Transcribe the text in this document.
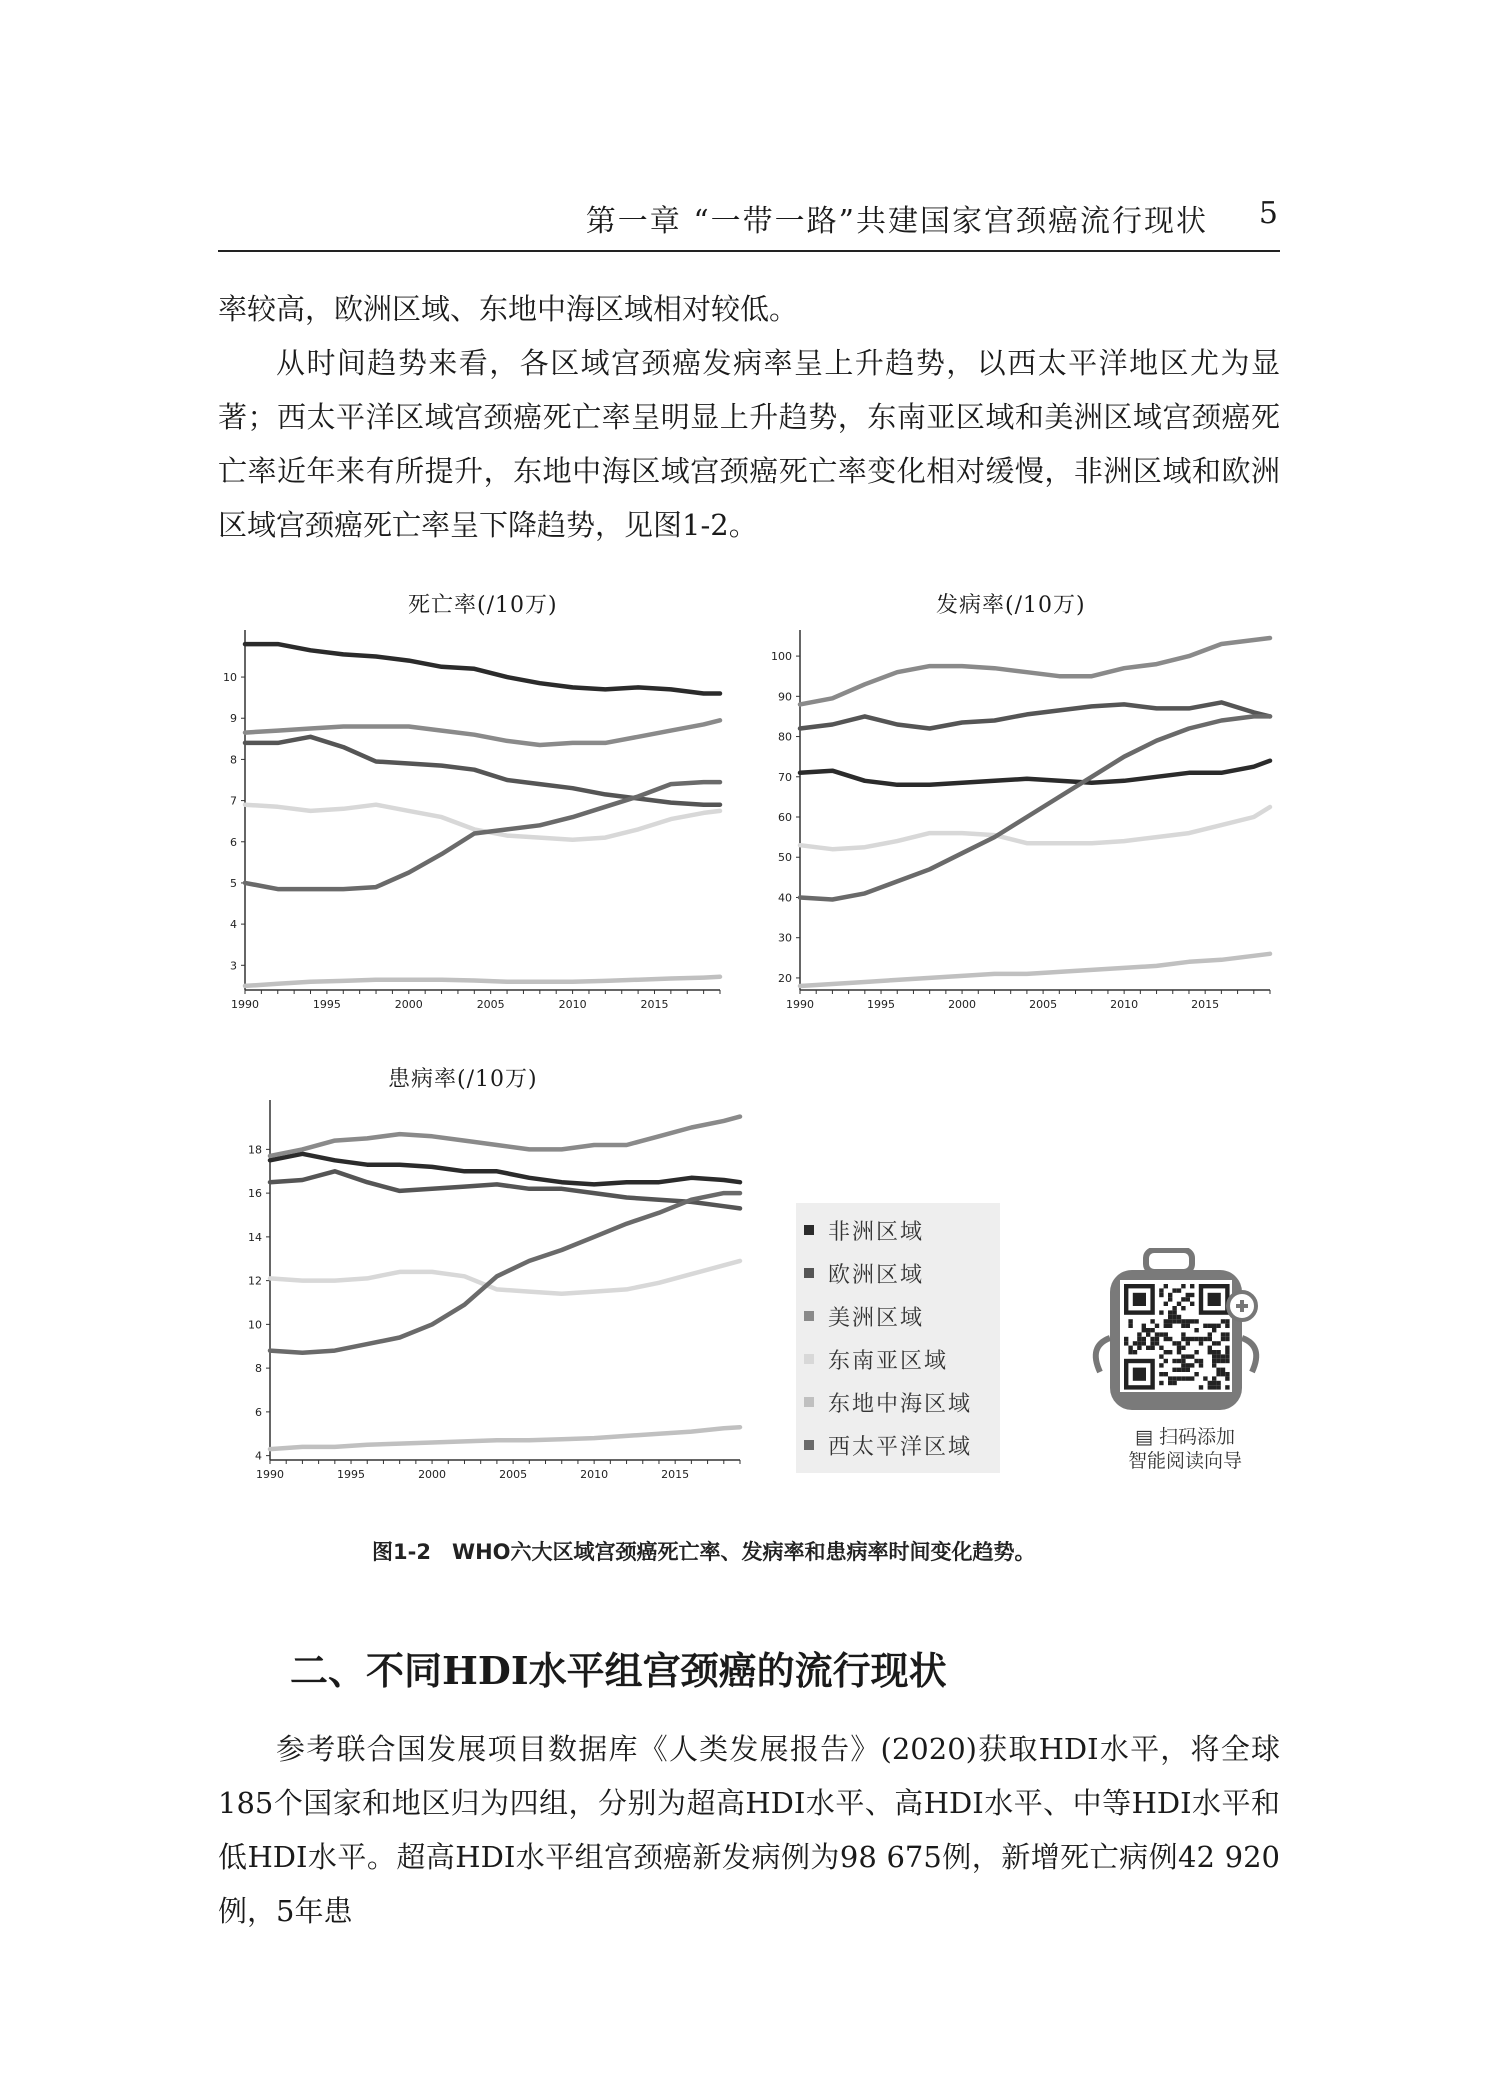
第一章 “一带一路”共建国家宫颈癌流行现状 5

率较高，欧洲区域、东地中海区域相对较低。

从时间趋势来看，各区域宫颈癌发病率呈上升趋势，以西太平洋地区尤为显著；西太平洋区域宫颈癌死亡率呈明显上升趋势，东南亚区域和美洲区域宫颈癌死亡率近年来有所提升，东地中海区域宫颈癌死亡率变化相对缓慢，非洲区域和欧洲区域宫颈癌死亡率呈下降趋势，见图1-2。

死亡率(/10万)
3
4
5
6
7
8
9
10
1990	1995	2000	2005	2010	2015
发病率(/10万)
20
30
40
50
60
70
80
90
100
1990	1995	2000	2005	2010	2015
患病率(/10万)
4
6
8
10
12
14
16
18
1990	1995	2000	2005	2010	2015
非洲区域
欧洲区域
美洲区域
东南亚区域
东地中海区域
西太平洋区域	▤ 扫码添加
智能阅读向导
图1-2　WHO六大区域宫颈癌死亡率、发病率和患病率时间变化趋势。
二、不同HDI水平组宫颈癌的流行现状

参考联合国发展项目数据库《人类发展报告》(2020)获取HDI水平，将全球185个国家和地区归为四组，分别为超高HDI水平、高HDI水平、中等HDI水平和低HDI水平。超高HDI水平组宫颈癌新发病例为98 675例，新增死亡病例42 920例，5年患
